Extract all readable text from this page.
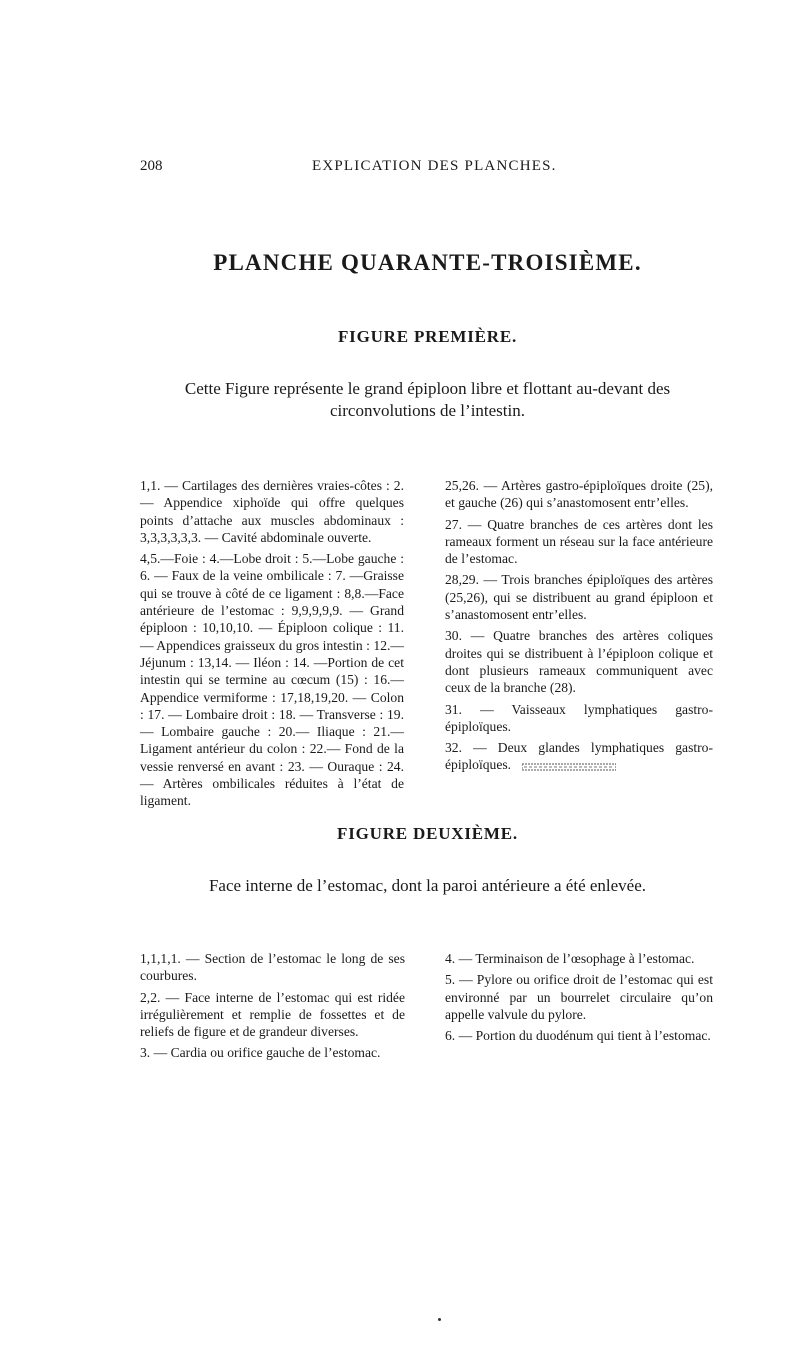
208	EXPLICATION DES PLANCHES.
PLANCHE QUARANTE-TROISIÈME.
FIGURE PREMIÈRE.
Cette Figure représente le grand épiploon libre et flottant au-devant des circonvolutions de l’intestin.

1,1. — Cartilages des dernières vraies-côtes : 2. — Appendice xiphoïde qui offre quelques points d’attache aux muscles abdominaux : 3,3,3,3,3,3. — Cavité abdominale ouverte.

4,5.—Foie : 4.—Lobe droit : 5.—Lobe gauche : 6. — Faux de la veine ombilicale : 7. —Graisse qui se trouve à côté de ce ligament : 8,8.—Face antérieure de l’estomac : 9,9,9,9,9. — Grand épiploon : 10,10,10. — Épiploon colique : 11. — Appendices graisseux du gros intestin : 12.—Jéjunum : 13,14. — Iléon : 14. —Portion de cet intestin qui se termine au cœcum (15) : 16.—Appendice vermiforme : 17,18,19,20. — Colon : 17. — Lombaire droit : 18. — Transverse : 19. — Lombaire gauche : 20.— Iliaque : 21.— Ligament antérieur du colon : 22.— Fond de la vessie renversé en avant : 23. — Ouraque : 24. — Artères ombilicales réduites à l’état de ligament.

25,26. — Artères gastro-épiploïques droite (25), et gauche (26) qui s’anastomosent entr’elles.

27. — Quatre branches de ces artères dont les rameaux forment un réseau sur la face antérieure de l’estomac.

28,29. — Trois branches épiploïques des artères (25,26), qui se distribuent au grand épiploon et s’anastomosent entr’elles.

30. — Quatre branches des artères coliques droites qui se distribuent à l’épiploon colique et dont plusieurs rameaux communiquent avec ceux de la branche (28).

31. — Vaisseaux lymphatiques gastro-épiploïques.

32. — Deux glandes lymphatiques gastro-épiploïques.

FIGURE DEUXIÈME.
Face interne de l’estomac, dont la paroi antérieure a été enlevée.

1,1,1,1. — Section de l’estomac le long de ses courbures.

2,2. — Face interne de l’estomac qui est ridée irrégulièrement et remplie de fossettes et de reliefs de figure et de grandeur diverses.

3. — Cardia ou orifice gauche de l’estomac.

4. — Terminaison de l’œsophage à l’estomac.

5. — Pylore ou orifice droit de l’estomac qui est environné par un bourrelet circulaire qu’on appelle valvule du pylore.

6. — Portion du duodénum qui tient à l’estomac.
